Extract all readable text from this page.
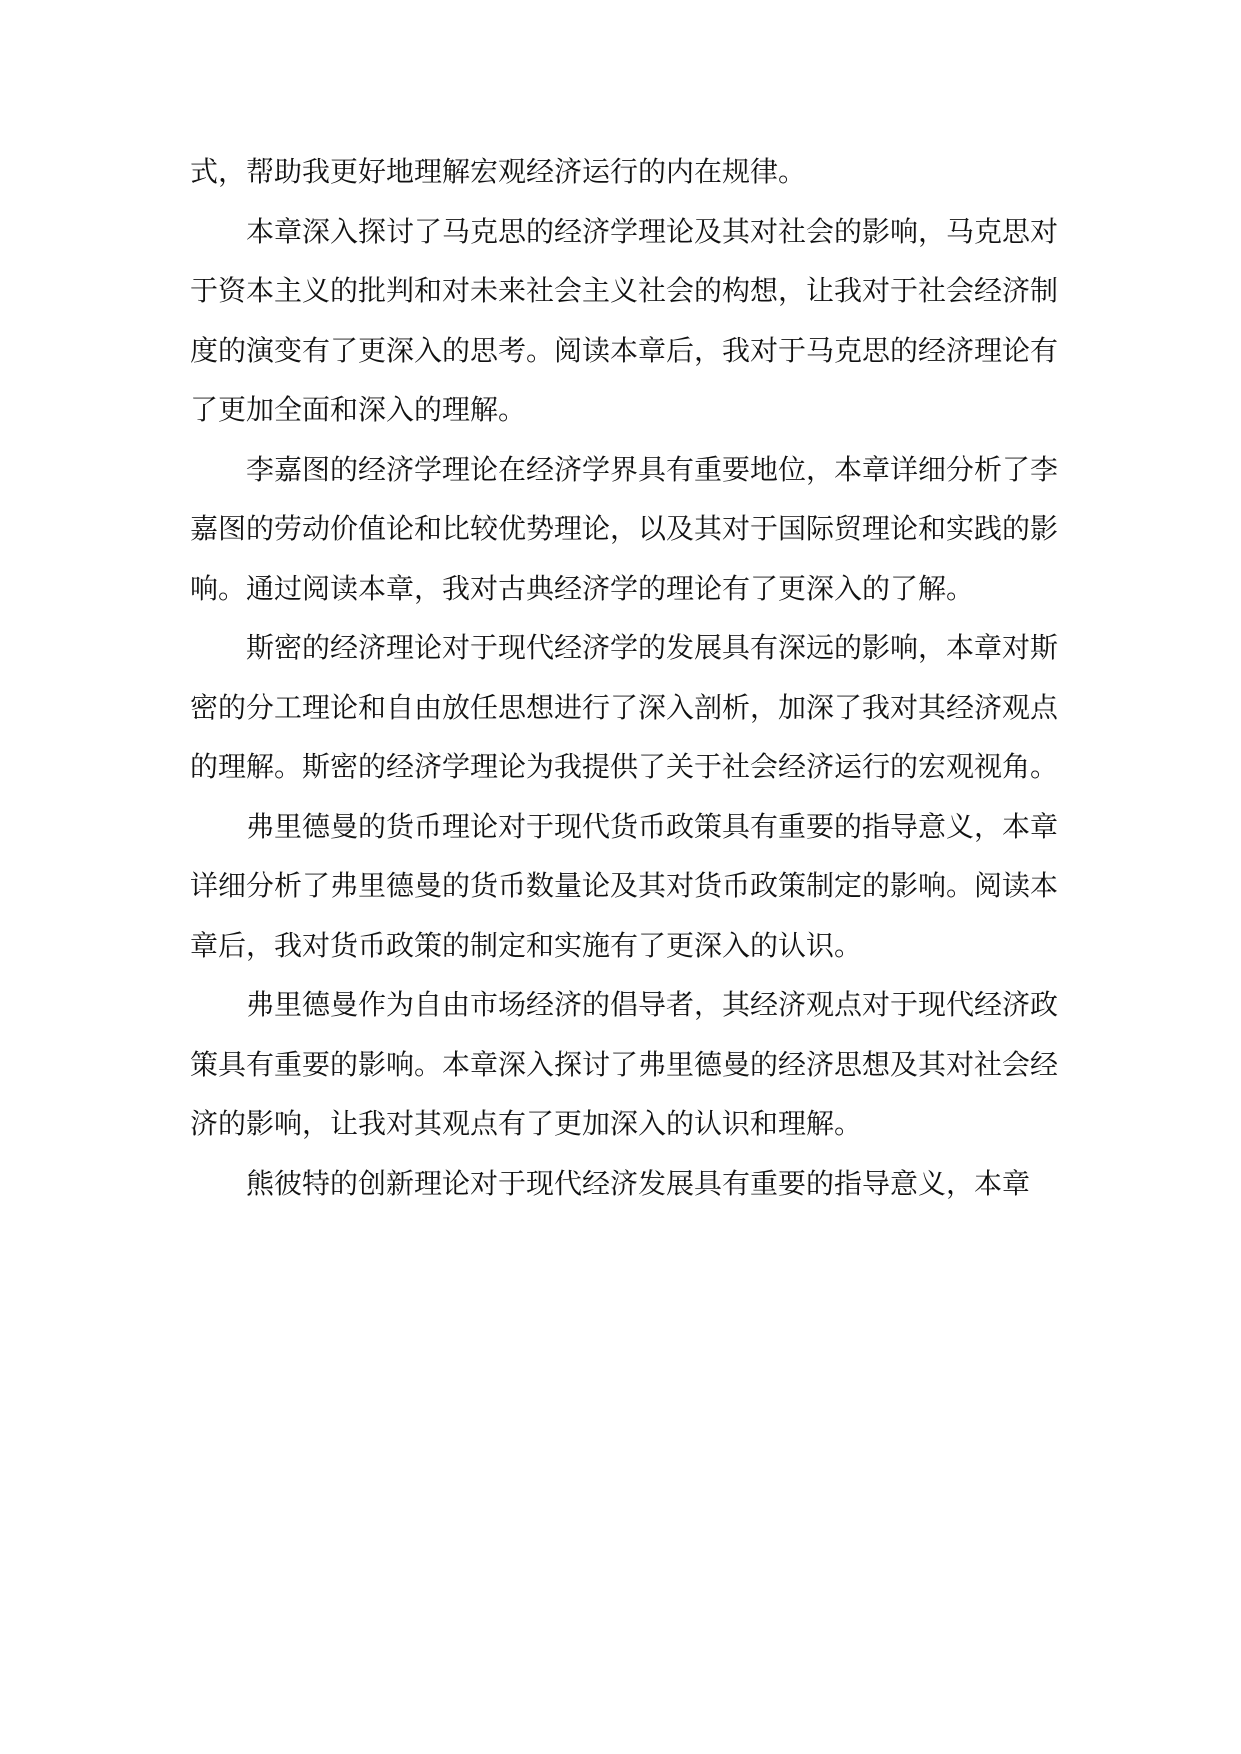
式，帮助我更好地理解宏观经济运行的内在规律。

本章深入探讨了马克思的经济学理论及其对社会的影响，马克思对于资本主义的批判和对未来社会主义社会的构想，让我对于社会经济制度的演变有了更深入的思考。阅读本章后，我对于马克思的经济理论有了更加全面和深入的理解。

李嘉图的经济学理论在经济学界具有重要地位，本章详细分析了李嘉图的劳动价值论和比较优势理论，以及其对于国际贸理论和实践的影响。通过阅读本章，我对古典经济学的理论有了更深入的了解。

斯密的经济理论对于现代经济学的发展具有深远的影响，本章对斯密的分工理论和自由放任思想进行了深入剖析，加深了我对其经济观点的理解。斯密的经济学理论为我提供了关于社会经济运行的宏观视角。

弗里德曼的货币理论对于现代货币政策具有重要的指导意义，本章详细分析了弗里德曼的货币数量论及其对货币政策制定的影响。阅读本章后，我对货币政策的制定和实施有了更深入的认识。

弗里德曼作为自由市场经济的倡导者，其经济观点对于现代经济政策具有重要的影响。本章深入探讨了弗里德曼的经济思想及其对社会经济的影响，让我对其观点有了更加深入的认识和理解。

熊彼特的创新理论对于现代经济发展具有重要的指导意义，本章
